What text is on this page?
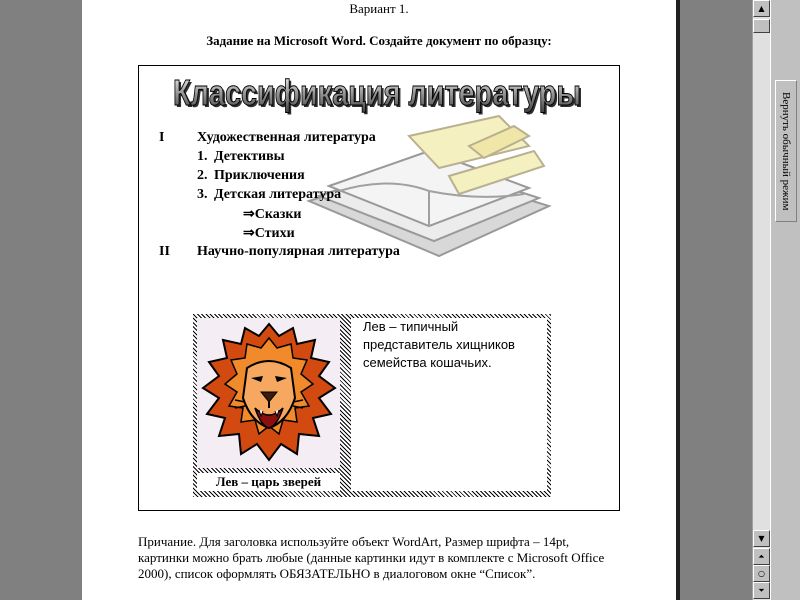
Вариант 1.
Задание на Microsoft Word. Создайте документ по образцу:
Классификация литературы
Классификация литературы
I Художественная литература
1. Детективы
2. Приключения
3. Детская литература
⇒Сказки
⇒Стихи
II Научно-популярная литература
Лев – царь зверей
Лев – типичный представитель хищников семейства кошачьих.
Причание. Для заголовка используйте объект WordArt, Размер шрифта – 14pt, картинки можно брать любые (данные картинки идут в комплекте с Microsoft Office 2000), список оформлять ОБЯЗАТЕЛЬНО в диалоговом окне “Список”.
▲
▼
⏶
○
⏷
Вернуть обычный режим
